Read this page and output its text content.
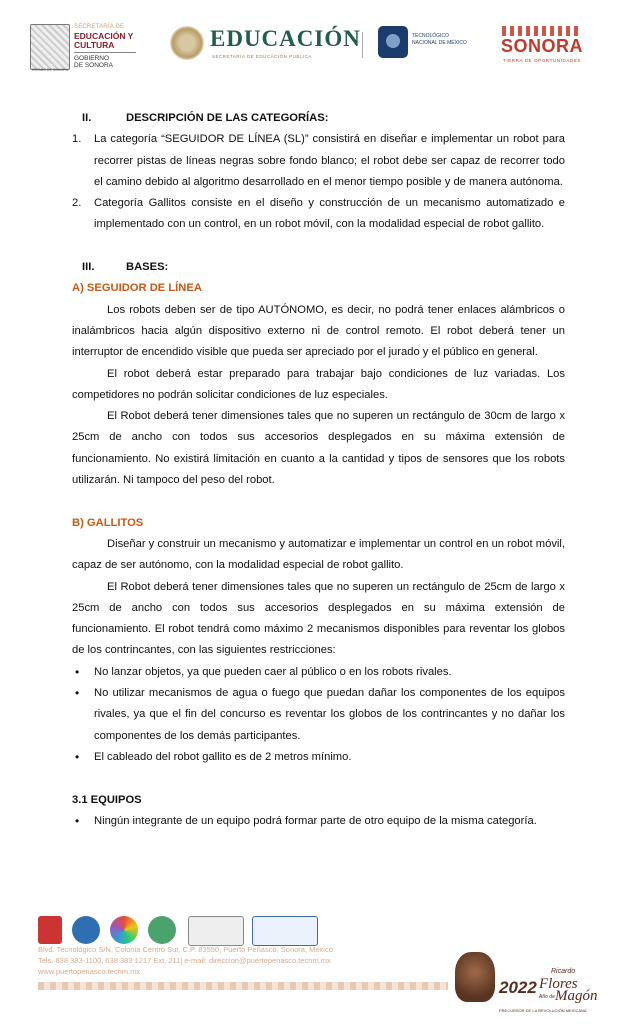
ESTADO DE SONORA
SECRETARÍA DE
EDUCACIÓN Y CULTURA
GOBIERNO
DE SONORA
EDUCACIÓN
SECRETARÍA DE EDUCACIÓN PÚBLICA
TECNOLÓGICO
NACIONAL DE MÉXICO	SONORA
TIERRA DE OPORTUNIDADES
II.	DESCRIPCIÓN DE LAS CATEGORÍAS:
1. La categoría “SEGUIDOR DE LÍNEA (SL)” consistirá en diseñar e implementar un robot para recorrer pistas de líneas negras sobre fondo blanco; el robot debe ser capaz de recorrer todo el camino debido al algoritmo desarrollado en el menor tiempo posible y de manera autónoma.
2. Categoría Gallitos consiste en el diseño y construcción de un mecanismo automatizado e implementado con un control, en un robot móvil, con la modalidad especial de robot gallito.
III.	BASES:

A) SEGUIDOR DE LÍNEA

Los robots deben ser de tipo AUTÓNOMO, es decir, no podrá tener enlaces alámbricos o inalámbricos hacia algún dispositivo externo ni de control remoto. El robot deberá tener un interruptor de encendido visible que pueda ser apreciado por el jurado y el público en general.

El robot deberá estar preparado para trabajar bajo condiciones de luz variadas. Los competidores no podrán solicitar condiciones de luz especiales.

El Robot deberá tener dimensiones tales que no superen un rectángulo de 30cm de largo x 25cm de ancho con todos sus accesorios desplegados en su máxima extensión de funcionamiento. No existirá limitación en cuanto a la cantidad y tipos de sensores que los robots utilizarán. Ni tampoco del peso del robot.

B) GALLITOS

Diseñar y construir un mecanismo y automatizar e implementar un control en un robot móvil, capaz de ser autónomo, con la modalidad especial de robot gallito.

El Robot deberá tener dimensiones tales que no superen un rectángulo de 25cm de largo x 25cm de ancho con todos sus accesorios desplegados en su máxima extensión de funcionamiento. El robot tendrá como máximo 2 mecanismos disponibles para reventar los globos de los contrincantes, con las siguientes restricciones:

• No lanzar objetos, ya que pueden caer al público o en los robots rivales.
• No utilizar mecanismos de agua o fuego que puedan dañar los componentes de los equipos rivales, ya que el fin del concurso es reventar los globos de los contrincantes y no dañar los componentes de los demás participantes.
• El cableado del robot gallito es de 2 metros mínimo.

3.1 EQUIPOS

• Ningún integrante de un equipo podrá formar parte de otro equipo de la misma categoría.
Blvd. Tecnológico S/N, Colonia Centro Sur, C.P. 83550, Puerto Peñasco, Sonora, México.
Tels. 638 383-1100, 638 383 1217 Ext. 211| e-mail: direccion@puertopenasco.tecnm.mx
www.puertopenasco.tecnm.mx	Ricardo
Flores
2022 Año de Magón
PRECURSOR DE LA REVOLUCIÓN MEXICANA
